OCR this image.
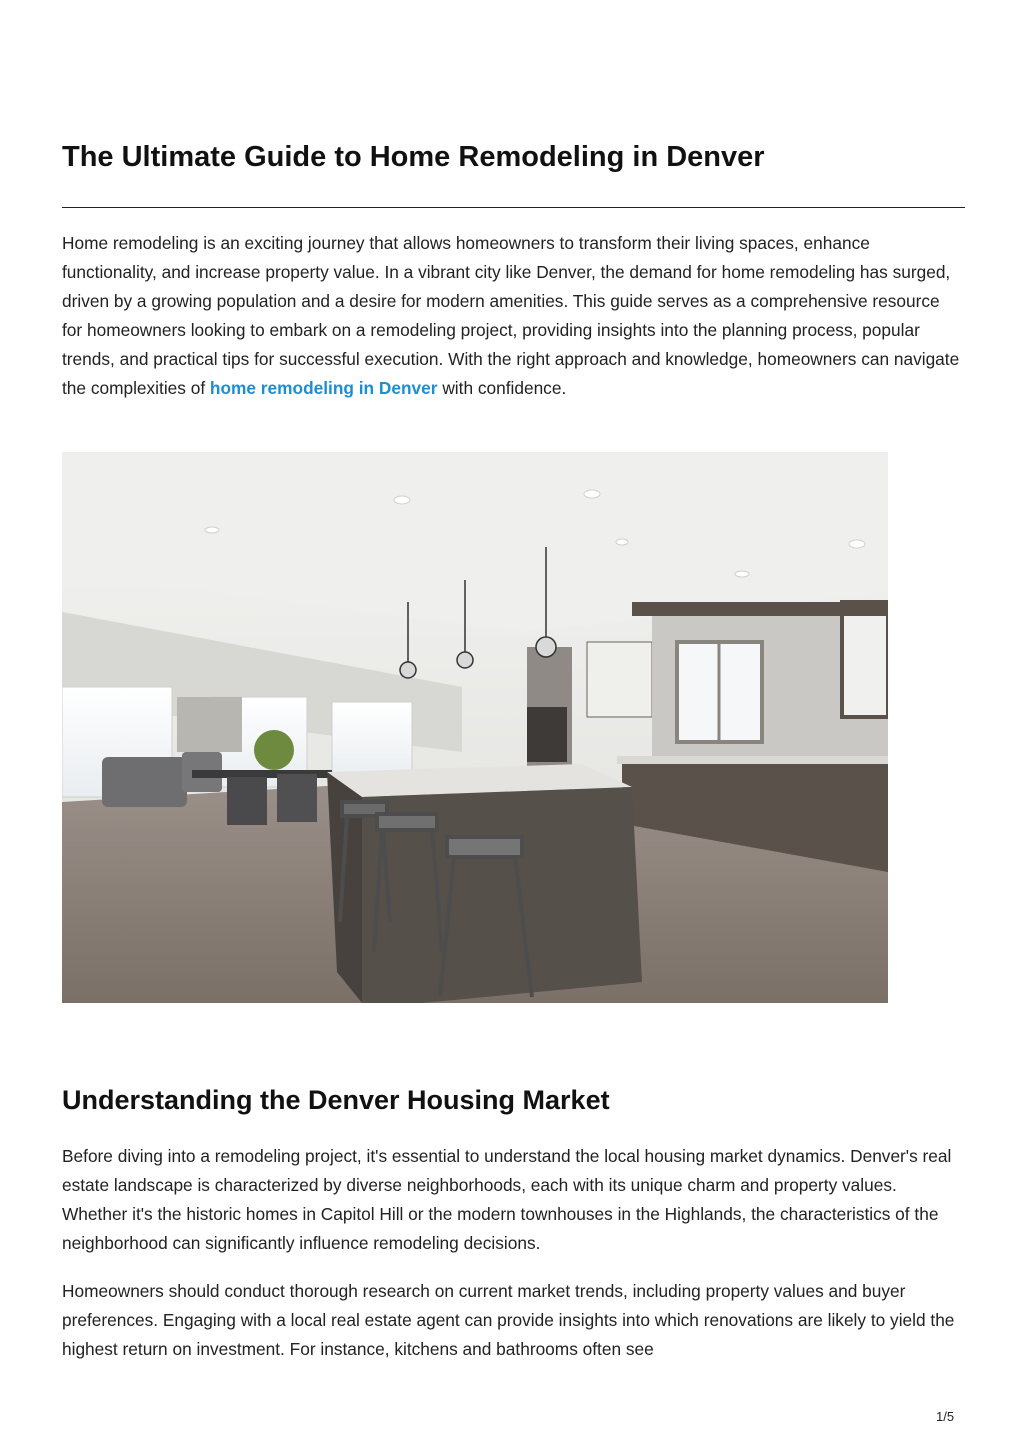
The Ultimate Guide to Home Remodeling in Denver

Home remodeling is an exciting journey that allows homeowners to transform their living spaces, enhance functionality, and increase property value. In a vibrant city like Denver, the demand for home remodeling has surged, driven by a growing population and a desire for modern amenities. This guide serves as a comprehensive resource for homeowners looking to embark on a remodeling project, providing insights into the planning process, popular trends, and practical tips for successful execution. With the right approach and knowledge, homeowners can navigate the complexities of home remodeling in Denver with confidence.

Understanding the Denver Housing Market

Before diving into a remodeling project, it's essential to understand the local housing market dynamics. Denver's real estate landscape is characterized by diverse neighborhoods, each with its unique charm and property values. Whether it's the historic homes in Capitol Hill or the modern townhouses in the Highlands, the characteristics of the neighborhood can significantly influence remodeling decisions.

Homeowners should conduct thorough research on current market trends, including property values and buyer preferences. Engaging with a local real estate agent can provide insights into which renovations are likely to yield the highest return on investment. For instance, kitchens and bathrooms often see

1/5
